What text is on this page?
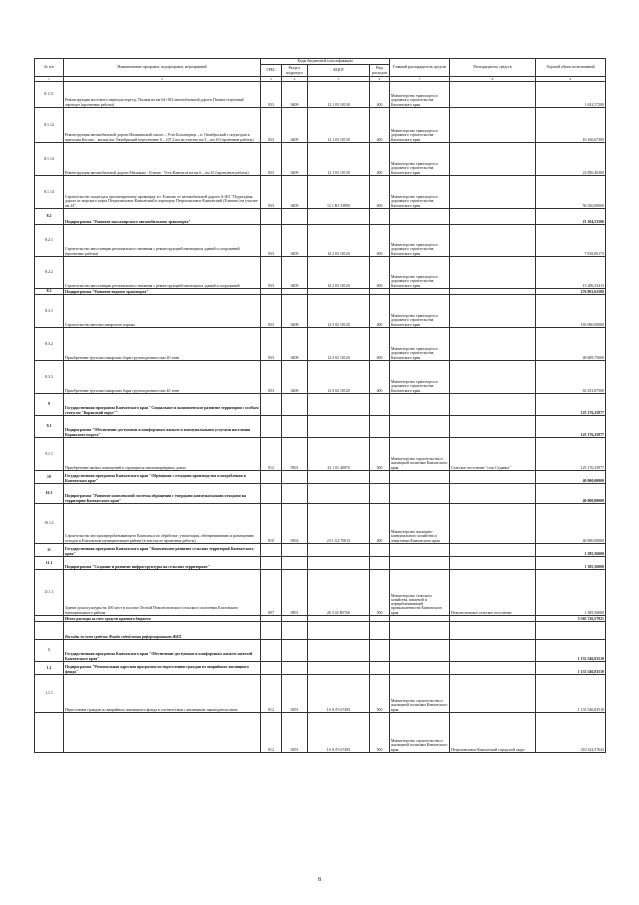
№ п/п	Наименование программ, подпрограмм, мероприятий	Коды бюджетной классификации				Главный распорядитель средств	Распорядитель средств	Годовой объем ассигнований
		ГРБС	Раздел, подраздел	КЦСР	Вид расходов			
1	2	3	4	5	6	7	8	9
8.1.11	Реконструкция мостового перехода через р. Палана на км 64+363 автомобильной дороги Палана-стартовый аэропорт (проектные работы)	833	0409	12 1 03 10130	400	Министерство транспорта и дорожного строительства Камчатского края		1 652,57200
8.1.12	Реконструкция автомобильной дороги Начикинский совхоз – Усть-Большерецк – п. Октябрьский с подъездом к причалам Косово – молкы км. Октябрьский пересечение 0 – 107,2 км на участке км 3 – км 10 (проектные работы)	833	0409	12 1 03 10130	400	Министерство транспорта и дорожного строительства Камчатского края		10 166,67300
8.1.13	Реконструкция автомобильной дороги Мильково - Ключи - Усть-Камчатск на км 6 – км 10 (проектные работы)	833	0409	12 1 03 10130	400	Министерство транспорта и дорожного строительства Камчатского края		22 850,40300
8.1.14	Строительство подъезда к проектируемому промпарку в г. Елизово от автомобильной дороги А-401 "Подъездная дорога от морского порта Петропавловск-Камчатский к аэропорту Петропавловск-Камчатский (Елизово) на участке км 24"	833	0409	12 1 R1 53890	400	Министерство транспорта и дорожного строительства Камчатского края		56 330,00000
8.2	Подпрограмма "Развитие пассажирского автомобильного транспорта"							21 104,53586
8.2.1	Строительство автостанции регионального значения с реконструкцией имеющихся зданий и сооружений (проектные работы)	833	0409	12 2 03 10120	400	Министерство транспорта и дорожного строительства Камчатского края		7 818,00173
8.2.2	Строительство автостанции регионального значения с реконструкцией имеющихся зданий и сооружений	833	0409	12 2 03 10120	400	Министерство транспорта и дорожного строительства Камчатского края		13 286,53413
8.3	Подпрограмма "Развитие водного транспорта"							276 863,62500
8.3.1	Строительство автопассажирского парома	833	0408	12 3 02 10120	400	Министерство транспорта и дорожного строительства Камчатского края		165 000,00000
8.3.2	Приобретение грузопассажирских барж грузоподъемностью 20 тонн	833	0408	12 3 02 10120	400	Министерство транспорта и дорожного строительства Камчатского края		48 609,75000
8.3.3	Приобретение грузопассажирских барж грузоподъемностью 40 тонн	833	0408	12 3 02 10120	400	Министерство транспорта и дорожного строительства Камчатского края		63 253,87500
9	Государственная программа Камчатского края "Социальное и экономическое развитие территории с особым статусом "Корякский округ""							125 176,25877
9.1	Подпрограмма "Обеспечение доступным и комфортным жильем и коммунальными услугами населения Корякского округа"							125 176,25877
9.1.1	Приобретение жилых помещений в строящихся многоквартирных домах	812	0501	23 1 01 40070	500	Министерство строительства и жилищной политики Камчатского края	Сельское поселение "село Седанка"	125 176,25877
10	Государственная программа Камчатского края "Обращение с отходами производства и потребления в Камчатском крае"							40 000,00000
10.1	Подпрограмма "Развитие комплексной системы обращения с твердыми коммунальными отходами на территории Камчатского края"							40 000,00000
10.1.1	Строительство мусороперерабатывающего Комплекса по обработке, утилизации, обезвреживанию и размещению отходов в Елизовском муниципальном районе (в том числе проектные работы)	810	0502	23 1 G2 70013	400	Министерство жилищно-коммунального хозяйства и энергетики Камчатского края		40 000,00000
11	Государственная программа Камчатского края "Комплексное развитие сельских территорий Камчатского края"							1 385,56000
11.1	Подпрограмма "Создание и развитие инфраструктуры на сельских территориях"							1 385,56000
11.1.1	Здание дома культуры на 100 мест в поселке Лесной Новолесновского сельского поселения Елизовского муниципального района	807	0801	26 3 02 R5760	500	Министерство сельского хозяйства, пищевой и перерабатывающей промышленности Камчатского края	Новолесновское сельское поселение	1 385,56000
	Итого расходы за счет средств краевого бюджета							3 565 726,57921
	Расходы за счет средств Фонда содействия реформированию ЖКХ							
1	Государственная программа Камчатского края "Обеспечение доступным и комфортным жильем жителей Камчатского края"							1 133 546,83510
1.1	Подпрограмма "Региональная адресная программа по переселению граждан из аварийного жилищного фонда"							1 133 546,83510
1.1.1	Переселение граждан из аварийного жилищного фонда в соответствии с жилищным законодательством	812	0501	10 А F3 67483	500	Министерство строительства и жилищной политики Камчатского края		1 133 546,83510
		812	0501	10 А F3 67483	500	Министерство строительства и жилищной политики Камчатского края	Петропавловск-Камчатский городской округ	510 322,57643
8
